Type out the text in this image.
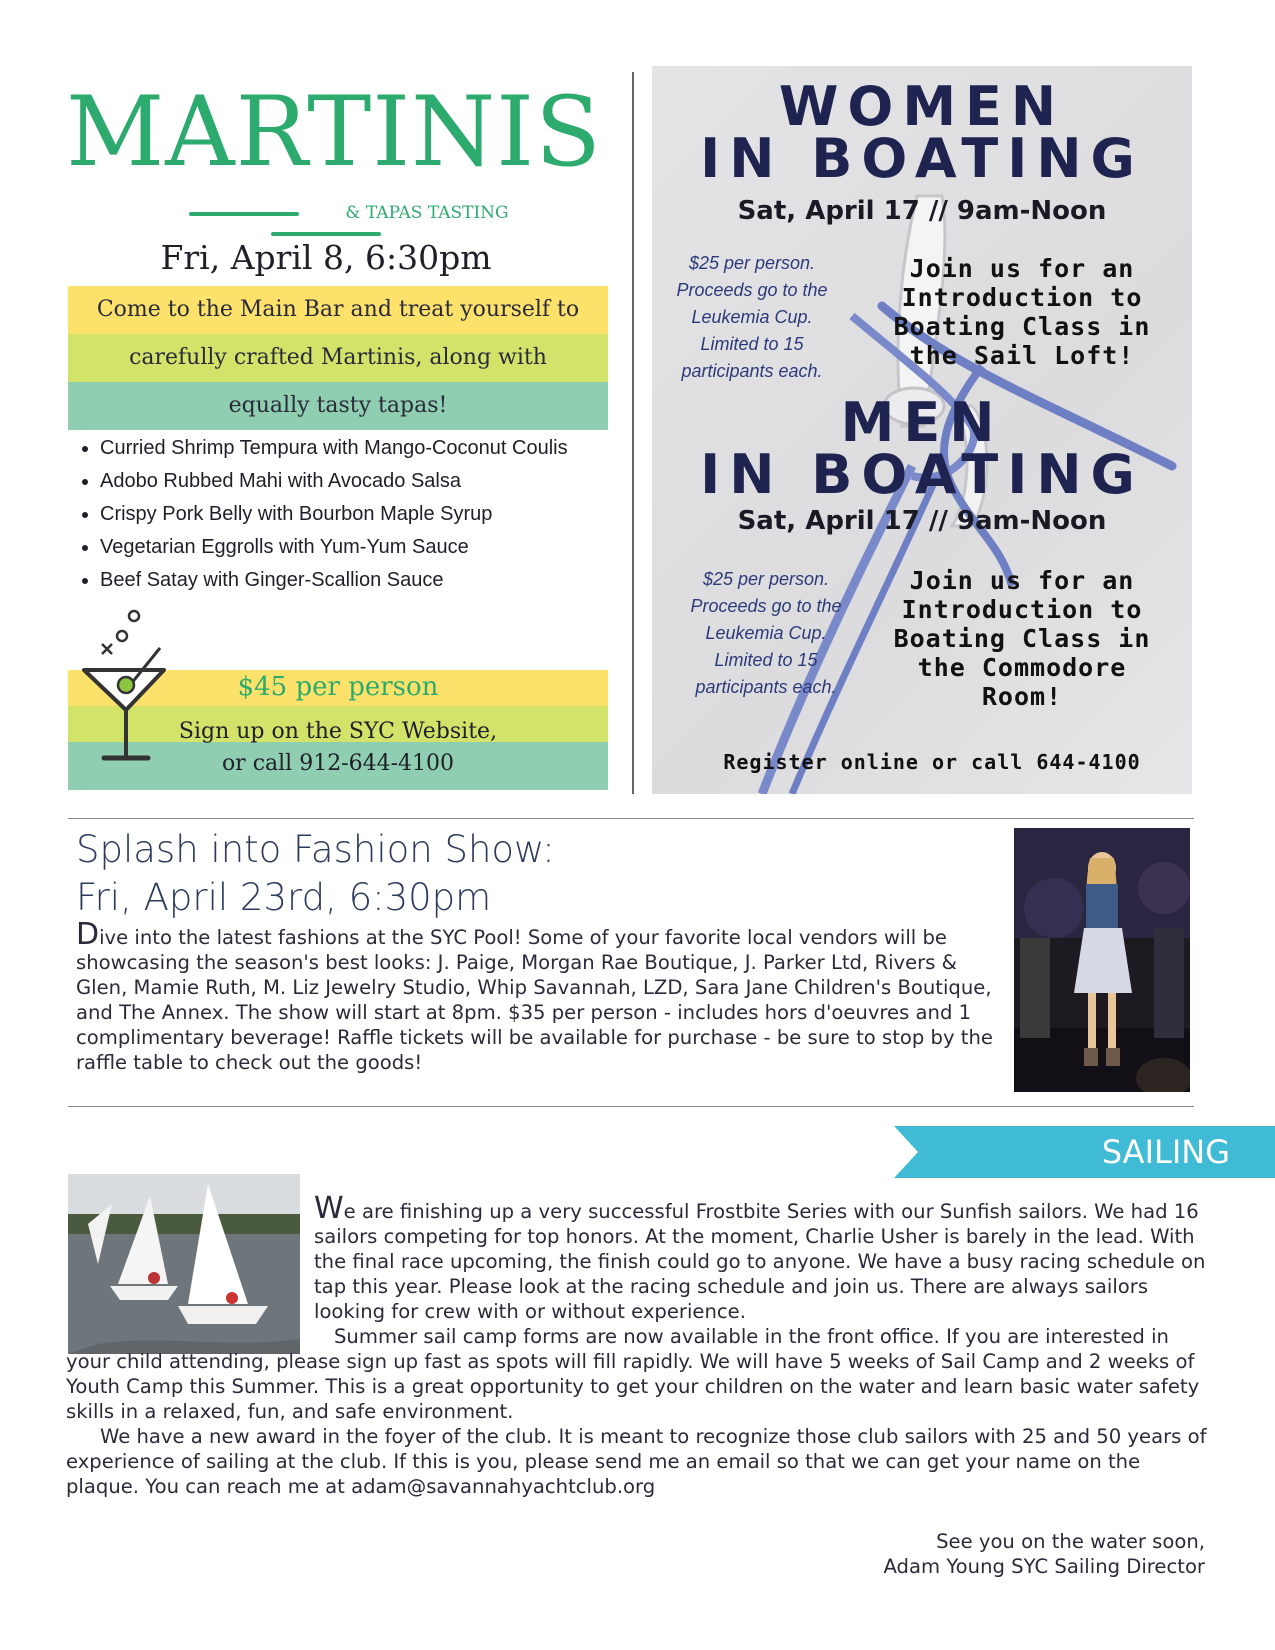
MARTINIS
& TAPAS TASTING
Fri, April 8, 6:30pm
Come to the Main Bar and treat yourself to
carefully crafted Martinis, along with
equally tasty tapas!
• Curried Shrimp Tempura with Mango-Coconut Coulis
• Adobo Rubbed Mahi with Avocado Salsa
• Crispy Pork Belly with Bourbon Maple Syrup
• Vegetarian Eggrolls with Yum-Yum Sauce
• Beef Satay with Ginger-Scallion Sauce
$45 per person
Sign up on the SYC Website,
or call 912-644-4100
WOMEN
IN BOATING
Sat, April 17 // 9am-Noon
$25 per person.
Proceeds go to the
Leukemia Cup.
Limited to 15
participants each.
Join us for an
Introduction to
Boating Class in
the Sail Loft!
MEN
IN BOATING
Sat, April 17 // 9am-Noon
$25 per person.
Proceeds go to the
Leukemia Cup.
Limited to 15
participants each.
Join us for an
Introduction to
Boating Class in
the Commodore
Room!
Register online or call 644-4100
Splash into Fashion Show:
Fri, April 23rd, 6:30pm
Dive into the latest fashions at the SYC Pool! Some of your favorite local vendors will be showcasing the season's best looks: J. Paige, Morgan Rae Boutique, J. Parker Ltd, Rivers & Glen, Mamie Ruth, M. Liz Jewelry Studio, Whip Savannah, LZD, Sara Jane Children's Boutique, and The Annex. The show will start at 8pm. $35 per person - includes hors d'oeuvres and 1 complimentary beverage! Raffle tickets will be available for purchase - be sure to stop by the raffle table to check out the goods!
SAILING
We are finishing up a very successful Frostbite Series with our Sunfish sailors. We had 16 sailors competing for top honors. At the moment, Charlie Usher is barely in the lead. With the final race upcoming, the finish could go to anyone. We have a busy racing schedule on tap this year. Please look at the racing schedule and join us. There are always sailors looking for crew with or without experience.
Summer sail camp forms are now available in the front office. If you are interested in your child attending, please sign up fast as spots will fill rapidly. We will have 5 weeks of Sail Camp and 2 weeks of Youth Camp this Summer. This is a great opportunity to get your children on the water and learn basic water safety skills in a relaxed, fun, and safe environment.
We have a new award in the foyer of the club. It is meant to recognize those club sailors with 25 and 50 years of experience of sailing at the club. If this is you, please send me an email so that we can get your name on the plaque. You can reach me at adam@savannahyachtclub.org
See you on the water soon,
Adam Young SYC Sailing Director
